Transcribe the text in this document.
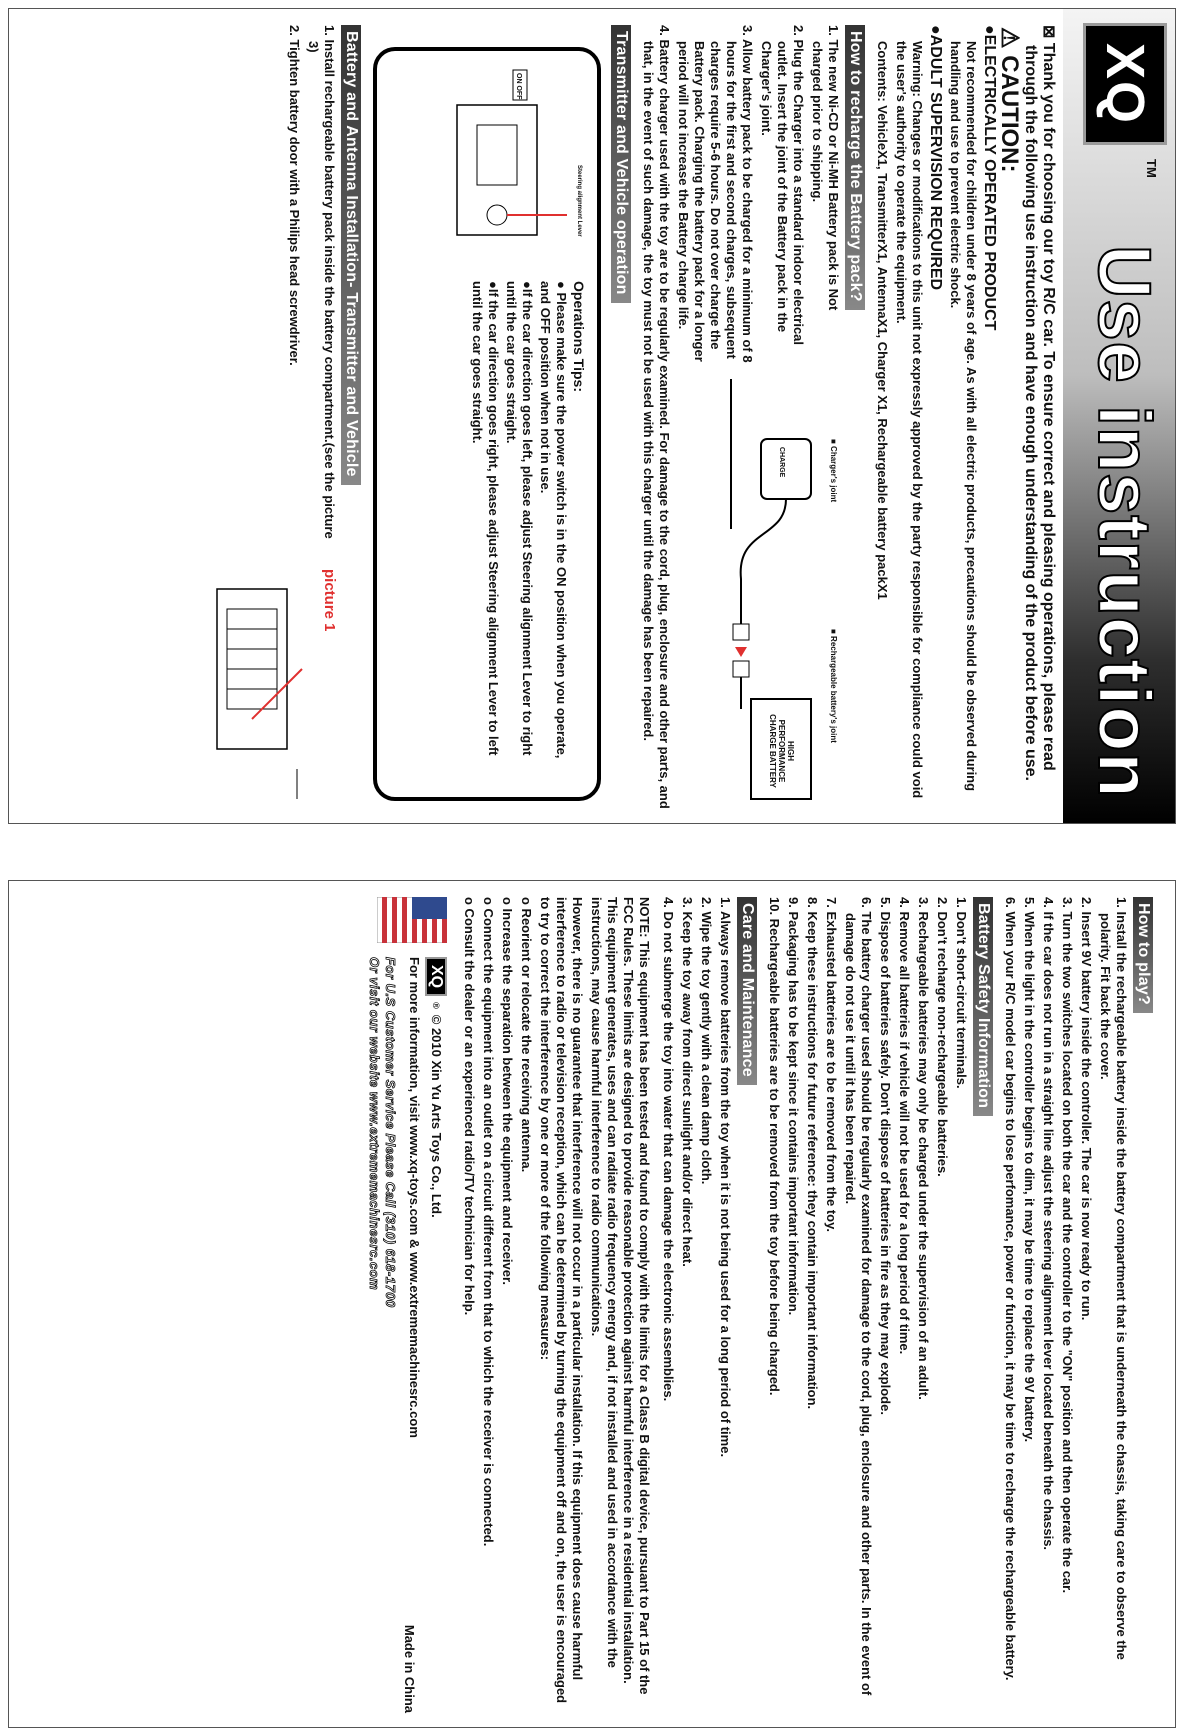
XQ
TM
Use instruction
⊠ Thank you for choosing our toy R/C car. To ensure correct and pleasing operations, please read through the following use instruction and have enough understanding of the product before use.
⚠ CAUTION:
●ELECTRICALLY OPERATED PRODUCT
Not recommended for children under 8 years of age. As with all electric products, precautions should be observed during handling and use to prevent electric shock.
●ADULT SUPERVISION REQUIRED
Warning: Changes or modifications to this unit not expressly approved by the party responsible for compliance could void the user's authority to operate the equipment.
Contents: VehicleX1, TransmitterX1, AntennaX1, Charger X1, Rechargeable battery packX1
How to recharge the Battery pack?
1. The new Ni-CD or Ni-MH Battery pack is Not charged prior to shipping.
2. Plug the Charger into a standard indoor electrical outlet. Insert the joint of the Battery pack in the Charger's joint.
3. Allow battery pack to be charged for a minimum of 8 hours for the first and second charges, subsequent charges require 5-6 hours. Do not over charge the Battery pack. Charging the battery pack for a longer period will not increase the Battery charge life.
■ Charger's joint
■ Rechargeable battery's joint
CHARGE
HIGH PERFORMANCE CHARGE BATTERY
4. Battery charger used with the toy are to be regularly examined. For damage to the cord, plug, enclosure and other parts, and that, in the event of such damage, the toy must not be used with this charger until the damage has been repaired.
Transmitter and Vehicle operation
Steering alignment Lever
ON OFF
Operations Tips:
● Please make sure the power switch is in the ON position when you operate, and OFF position when not in use.
●If the car direction goes left, please adjust Steering alignment Lever to right until the car goes straight.
●If the car direction goes right, please adjust Steering alignment Lever to left until the car goes straight.
Battery and Antenna Installation- Transmitter and Vehicle
1. Install rechargeable battery pack inside the battery compartment.(see the picture 3)
2. Tighten battery door with a Philips head screwdriver.
picture 1
How to play?
1. Install the rechargeable battery inside the battery compartment that is underneath the chassis, taking care to observe the polarity. Fit back the cover.
2. Insert 9V battery inside the controller. The car is now ready to run.
3. Turn the two switches located on both the car and the controller to the "ON" position and then operate the car.
4. If the car does not run in a straight line adjust the steering alignment lever located beneath the chassis.
5. When the light in the controller begins to dim, it may be time to replace the 9V battery.
6. When your R/C model car begins to lose perfomance, power or function, it may be time to recharge the rechargeable battery.
Battery Safety Information
1. Don't short-circuit terminals.
2. Don't recharge non-rechargeable batteries.
3. Rechargeable batteries may only be charged under the supervision of an adult.
4. Remove all batteries if vehicle will not be used for a long period of time.
5. Dispose of batteries safely. Don't dispose of batteries in fire as they may explode.
6. The battery charger used should be regularly examined for damage to the cord, plug, enclosure and other parts. In the event of damage do not use it until it has been repaired.
7. Exhausted batteries are to be removed from the toy.
8. Keep these instructions for future reference: they contain important information.
9. Packaging has to be kept since it contains important information.
10. Rechargeable batteries are to be removed from the toy before being charged.
Care and Maintenance
1. Always remove batteries from the toy when it is not being used for a long period of time.
2. Wipe the toy gently with a clean damp cloth.
3. Keep the toy away from direct sunlight and/or direct heat.
4. Do not submerge the toy into water that can damage the electronic assemblies.
NOTE: This equipment has been tested and found to comply with the limits for a Class B digital device, pursuant to Part 15 of the FCC Rules. These limits are designed to provide reasonable protection against harmful interference in a residential installation. This equipment generates, uses and can radiate radio frequency energy and, if not installed and used in accordance with the instructions, may cause harmful interference to radio communications.
However, there is no guarantee that interference will not occur in a particular installation. If this equipment does cause harmful interference to radio or television reception, which can be determined by turning the equipment off and on, the user is encouraged to try to correct the interference by one or more of the following measures:
o Reorient or relocate the receiving antenna.
o Increase the separation between the equipment and receiver.
o Connect the equipment into an outlet on a circuit different from that to which the receiver is connected.
o Consult the dealer or an experienced radio/TV technician for help.
XQ
®
© 2010 Xin Yu Arts Toys Co., Ltd.
For more information, visit www.xq-toys.com & www.extrememachinesrc.com
For U.S Customer Service Please Call (310) 618-1700
Or visit our website www.extrememachinesrc.com
Made in China
